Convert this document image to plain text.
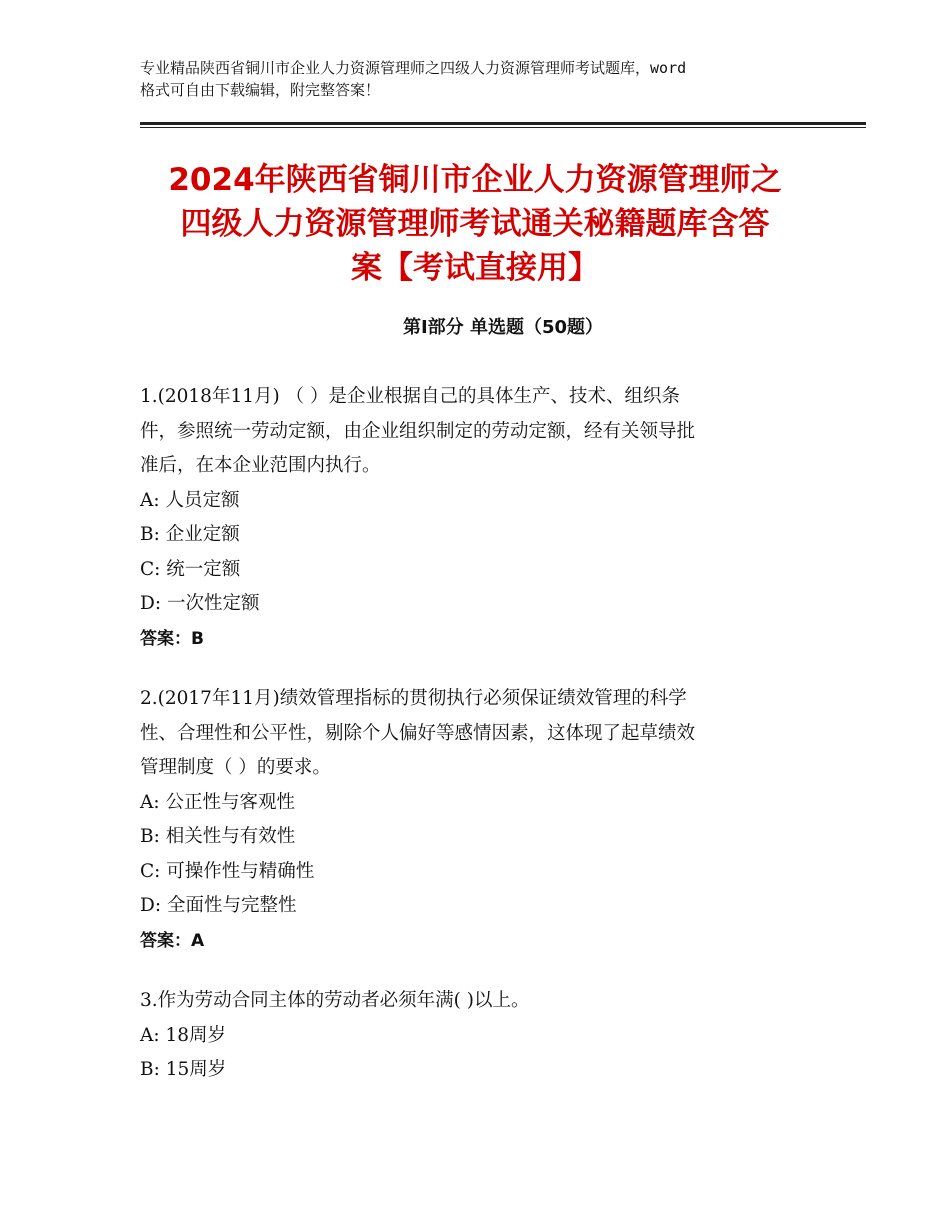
专业精品陕西省铜川市企业人力资源管理师之四级人力资源管理师考试题库，word
格式可自由下载编辑，附完整答案！
2024年陕西省铜川市企业人力资源管理师之
四级人力资源管理师考试通关秘籍题库含答
案【考试直接用】
第Ⅰ部分 单选题（50题）
1.(2018年11月) （ ）是企业根据自己的具体生产、技术、组织条
件，参照统一劳动定额，由企业组织制定的劳动定额，经有关领导批
准后，在本企业范围内执行。
A: 人员定额
B: 企业定额
C: 统一定额
D: 一次性定额
答案：B
2.(2017年11月)绩效管理指标的贯彻执行必须保证绩效管理的科学
性、合理性和公平性，剔除个人偏好等感情因素，这体现了起草绩效
管理制度（ ）的要求。
A: 公正性与客观性
B: 相关性与有效性
C: 可操作性与精确性
D: 全面性与完整性
答案：A
3.作为劳动合同主体的劳动者必须年满( )以上。
A: 18周岁
B: 15周岁
